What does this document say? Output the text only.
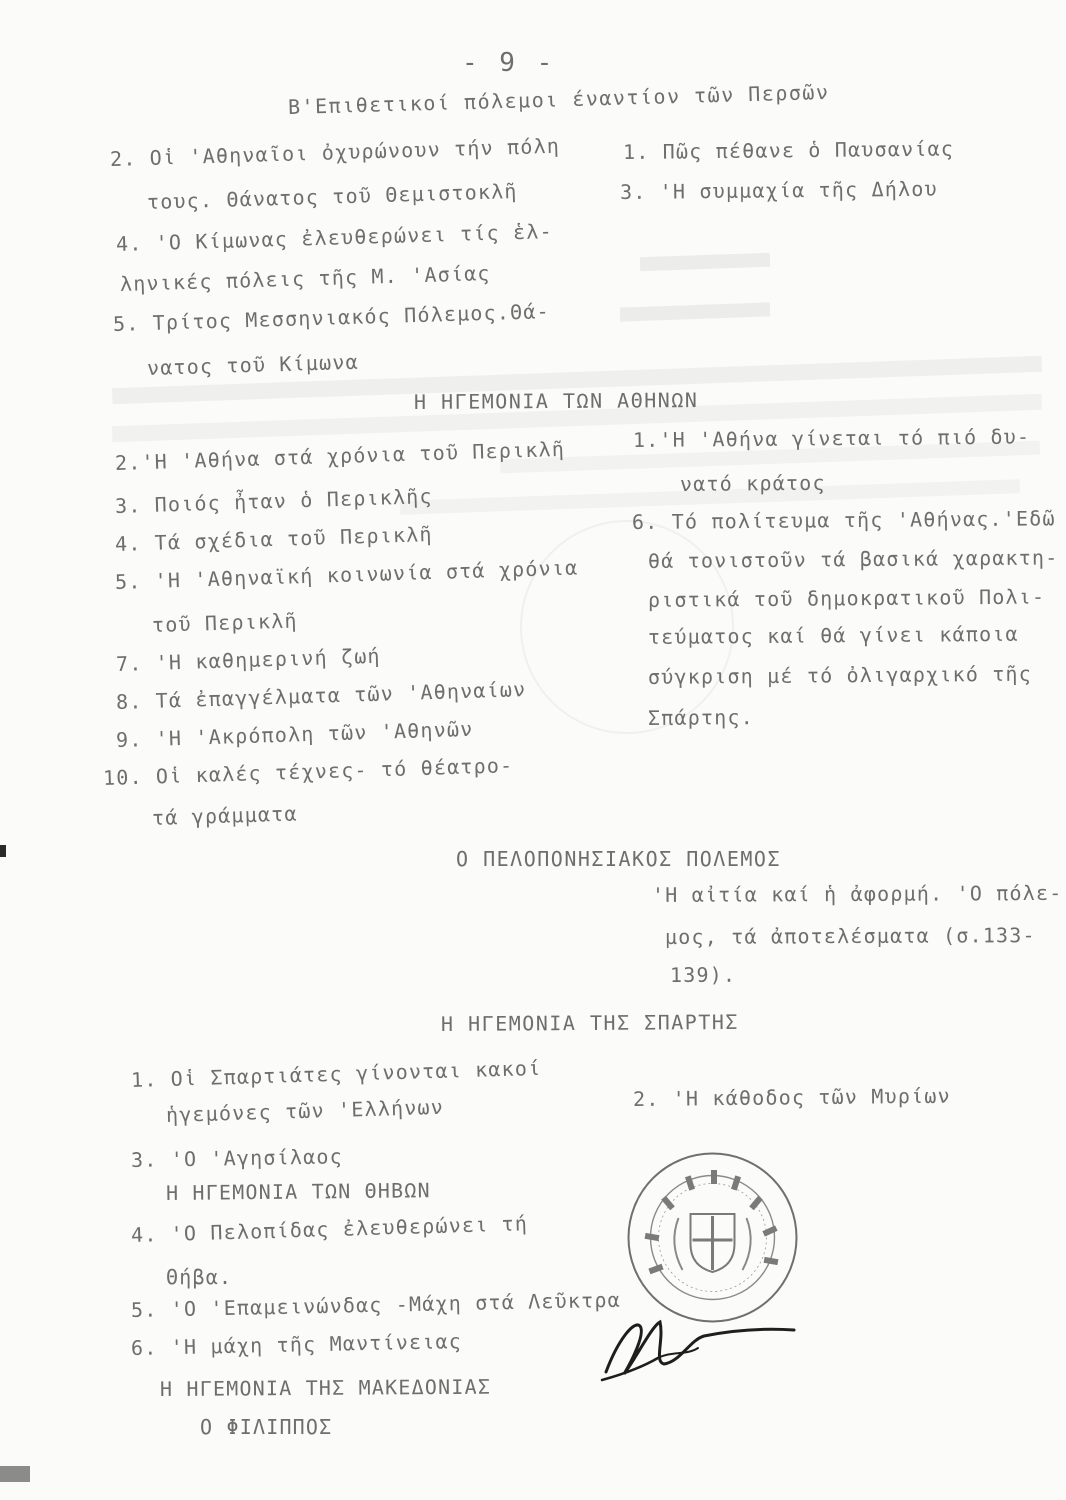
- 9 -
Β'Επιθετικοί πόλεμοι έναντίον τῶν Περσῶν
2. Οἱ 'Αθηναῖοι ὀχυρώνουν τήν πόλη
τους. Θάνατος τοῦ Θεμιστοκλῆ
4. 'Ο Κίμωνας ἐλευθερώνει τίς ἑλ-
ληνικές πόλεις τῆς Μ. 'Ασίας
5. Τρίτος Μεσσηνιακός Πόλεμος.Θά-
νατος τοῦ Κίμωνα
1. Πῶς πέθανε ὁ Παυσανίας
3. 'Η συμμαχία τῆς Δήλου
Η ΗΓΕΜΟΝΙΑ ΤΩΝ ΑΘΗΝΩΝ
2.'Η 'Αθήνα στά χρόνια τοῦ Περικλῆ
3. Ποιός ἦταν ὁ Περικλῆς
4. Τά σχέδια τοῦ Περικλῆ
5. 'Η 'Αθηναϊκή κοινωνία στά χρόνια
τοῦ Περικλῆ
7. 'Η καθημερινή ζωή
8. Τά ἐπαγγέλματα τῶν 'Αθηναίων
9. 'Η 'Ακρόπολη τῶν 'Αθηνῶν
10. Οἱ καλές τέχνες- τό θέατρο-
τά γράμματα
1.'Η 'Αθήνα γίνεται τό πιό δυ-
νατό κράτος
6. Τό πολίτευμα τῆς 'Αθήνας.'Εδῶ
θά τονιστοῦν τά βασικά χαρακτη-
ριστικά τοῦ δημοκρατικοῦ Πολι-
τεύματος καί θά γίνει κάποια
σύγκριση μέ τό ὀλιγαρχικό τῆς
Σπάρτης.
Ο ΠΕΛΟΠΟΝΗΣΙΑΚΟΣ ΠΟΛΕΜΟΣ
'Η αἰτία καί ἡ ἀφορμή. 'Ο πόλε-
μος, τά ἀποτελέσματα (σ.133-
139).
Η ΗΓΕΜΟΝΙΑ ΤΗΣ ΣΠΑΡΤΗΣ
1. Οἱ Σπαρτιάτες γίνονται κακοί
ἡγεμόνες τῶν 'Ελλήνων
3. 'Ο 'Αγησίλαος
Η ΗΓΕΜΟΝΙΑ ΤΩΝ ΘΗΒΩΝ
4. 'Ο Πελοπίδας ἐλευθερώνει τή
Θήβα.
5. 'Ο 'Επαμεινώνδας -Μάχη στά Λεῦκτρα
6. 'Η μάχη τῆς Μαντίνειας
Η ΗΓΕΜΟΝΙΑ ΤΗΣ ΜΑΚΕΔΟΝΙΑΣ
Ο ΦΙΛΙΠΠΟΣ
2. 'Η κάθοδος τῶν Μυρίων
